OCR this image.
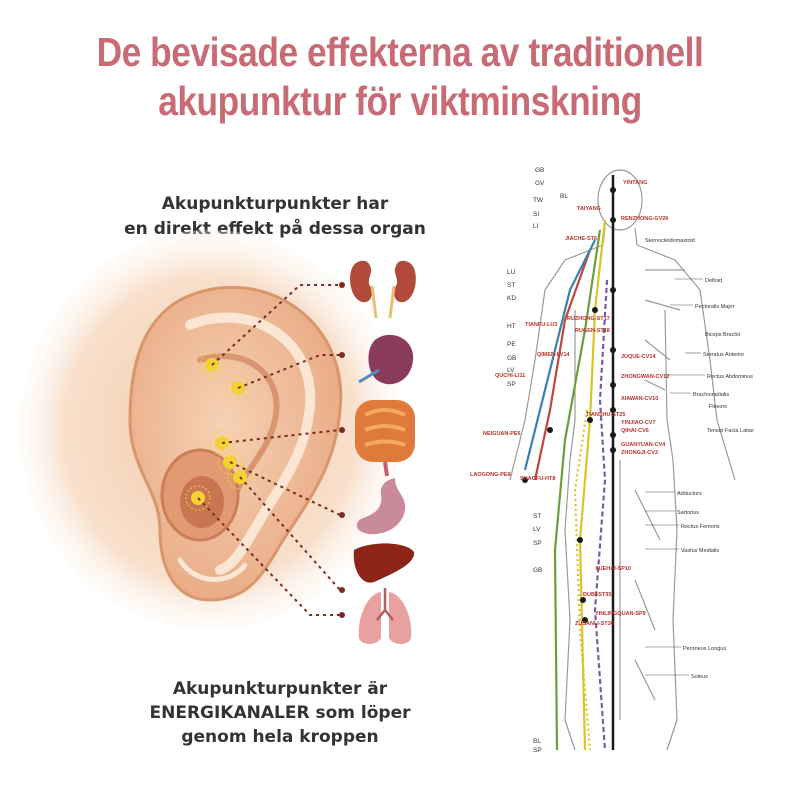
De bevisade effekterna av traditionell
akupunktur för viktminskning
Akupunkturpunkter har
en direkt effekt på dessa organ
Akupunkturpunkter är
ENERGIKANALER som löper
genom hela kroppen
GB
GV
TW
SI
LI
BL
LU
ST
KD
HT
PE
GB
LV
SP
ST
LV
SP
GB
BL
SP
YINTANG
TAIYANG
RENZHONG-GV26
JIACHE-ST6
RUZHONG-ST17
RUGEN-ST18
TIANFU-LU3
QIMEN-LV14	JUQUE-CV14
ZHONGWAN-CV12
QUCHI-LI11
XIAWAN-CV10
TIANSHU-ST25
YINJIAO-CV7
QIHAI-CV6
NEIGUAN-PE6
GUANYUAN-CV4
ZHONGJI-CV3
LAOGONG-PE8
SHAOFU-HT8
XUEHAI-SP10
DUBI-ST35
YINLINGQUAN-SP9
ZUSANLI-ST36
Sternocleidomastoid
Deltoid
Pectoralis Major
Biceps Brachii
Serratus Anterior
Rectus Abdominus
Brachioradialis
Flexors
Tensor Facia Latae
Adductors
Sartorius
Rectus Femoris
Vastus Medialis
Peroneus Longus
Soleus
